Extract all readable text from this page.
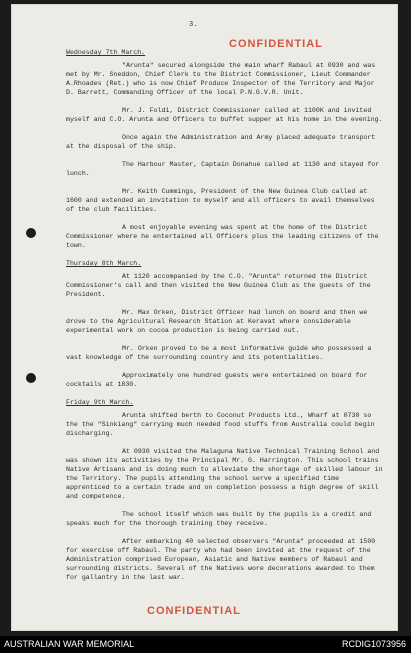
3.
CONFIDENTIAL
Wednesday 7th March.
"Arunta" secured alongside the main wharf Rabaul at 0930 and was met by Mr. Sneddon, Chief Clerk to the District Commissioner, Lieut Commander A.Rhoades (Ret.) who is now Chief Produce Inspector of the Territory and Major D. Barrett, Commanding Officer of the local P.N.G.V.R. Unit.
Mr. J. Foldi, District Commissioner called at 1100K and invited myself and C.O. Arunta and Officers to buffet supper at his home in the evening.
Once again the Administration and Army placed adequate transport at the disposal of the ship.
The Harbour Master, Captain Donahue called at 1130 and stayed for lunch.
Mr. Keith Cummings, President of the New Guinea Club called at 1600 and extended an invitation to myself and all officers to avail themselves of the club facilities.
A most enjoyable evening was spent at the home of the District Commissioner where he entertained all Officers plus the leading citizens of the town.
Thursday 8th March.
At 1120 accompanied by the C.O. "Arunta" returned the District Commissioner's call and then visited the New Guinea Club as the guests of the President.
Mr. Max Orken, District Officer had lunch on board and then we drove to the Agricultural Research Station at Keravat where considerable experimental work on cocoa production is being carried out.
Mr. Orken proved to be a most informative guide who possessed a vast knowledge of the surrounding country and its potentialities.
Approximately one hundred guests were entertained on board for cocktails at 1830.
Friday 9th March.
Arunta shifted berth to Coconut Products Ltd., Wharf at 0730 so the the "Sinkiang" carrying much needed food stuffs from Australia could begin discharging.
At 0930 visited the Malaguna Native Technical Training School and was shown its activities by the Principal Mr. G. Harrington. This school trains Native Artisans and is doing much to alleviate the shortage of skilled labour in the Territory. The pupils attending the school serve a specified time apprenticed to a certain trade and on completion possess a high degree of skill and competence.
The school itself which was built by the pupils is a credit and speaks much for the thorough training they receive.
After embarking 40 selected observers "Arunta" proceeded at 1500 for exercise off Rabaul. The party who had been invited at the request of the Administration comprised European, Asiatic and Native members of Rabaul and surrounding districts. Several of the Natives wore decorations awarded to them for gallantry in the last war.
CONFIDENTIAL
AUSTRALIAN WAR MEMORIAL	RCDIG1073956
